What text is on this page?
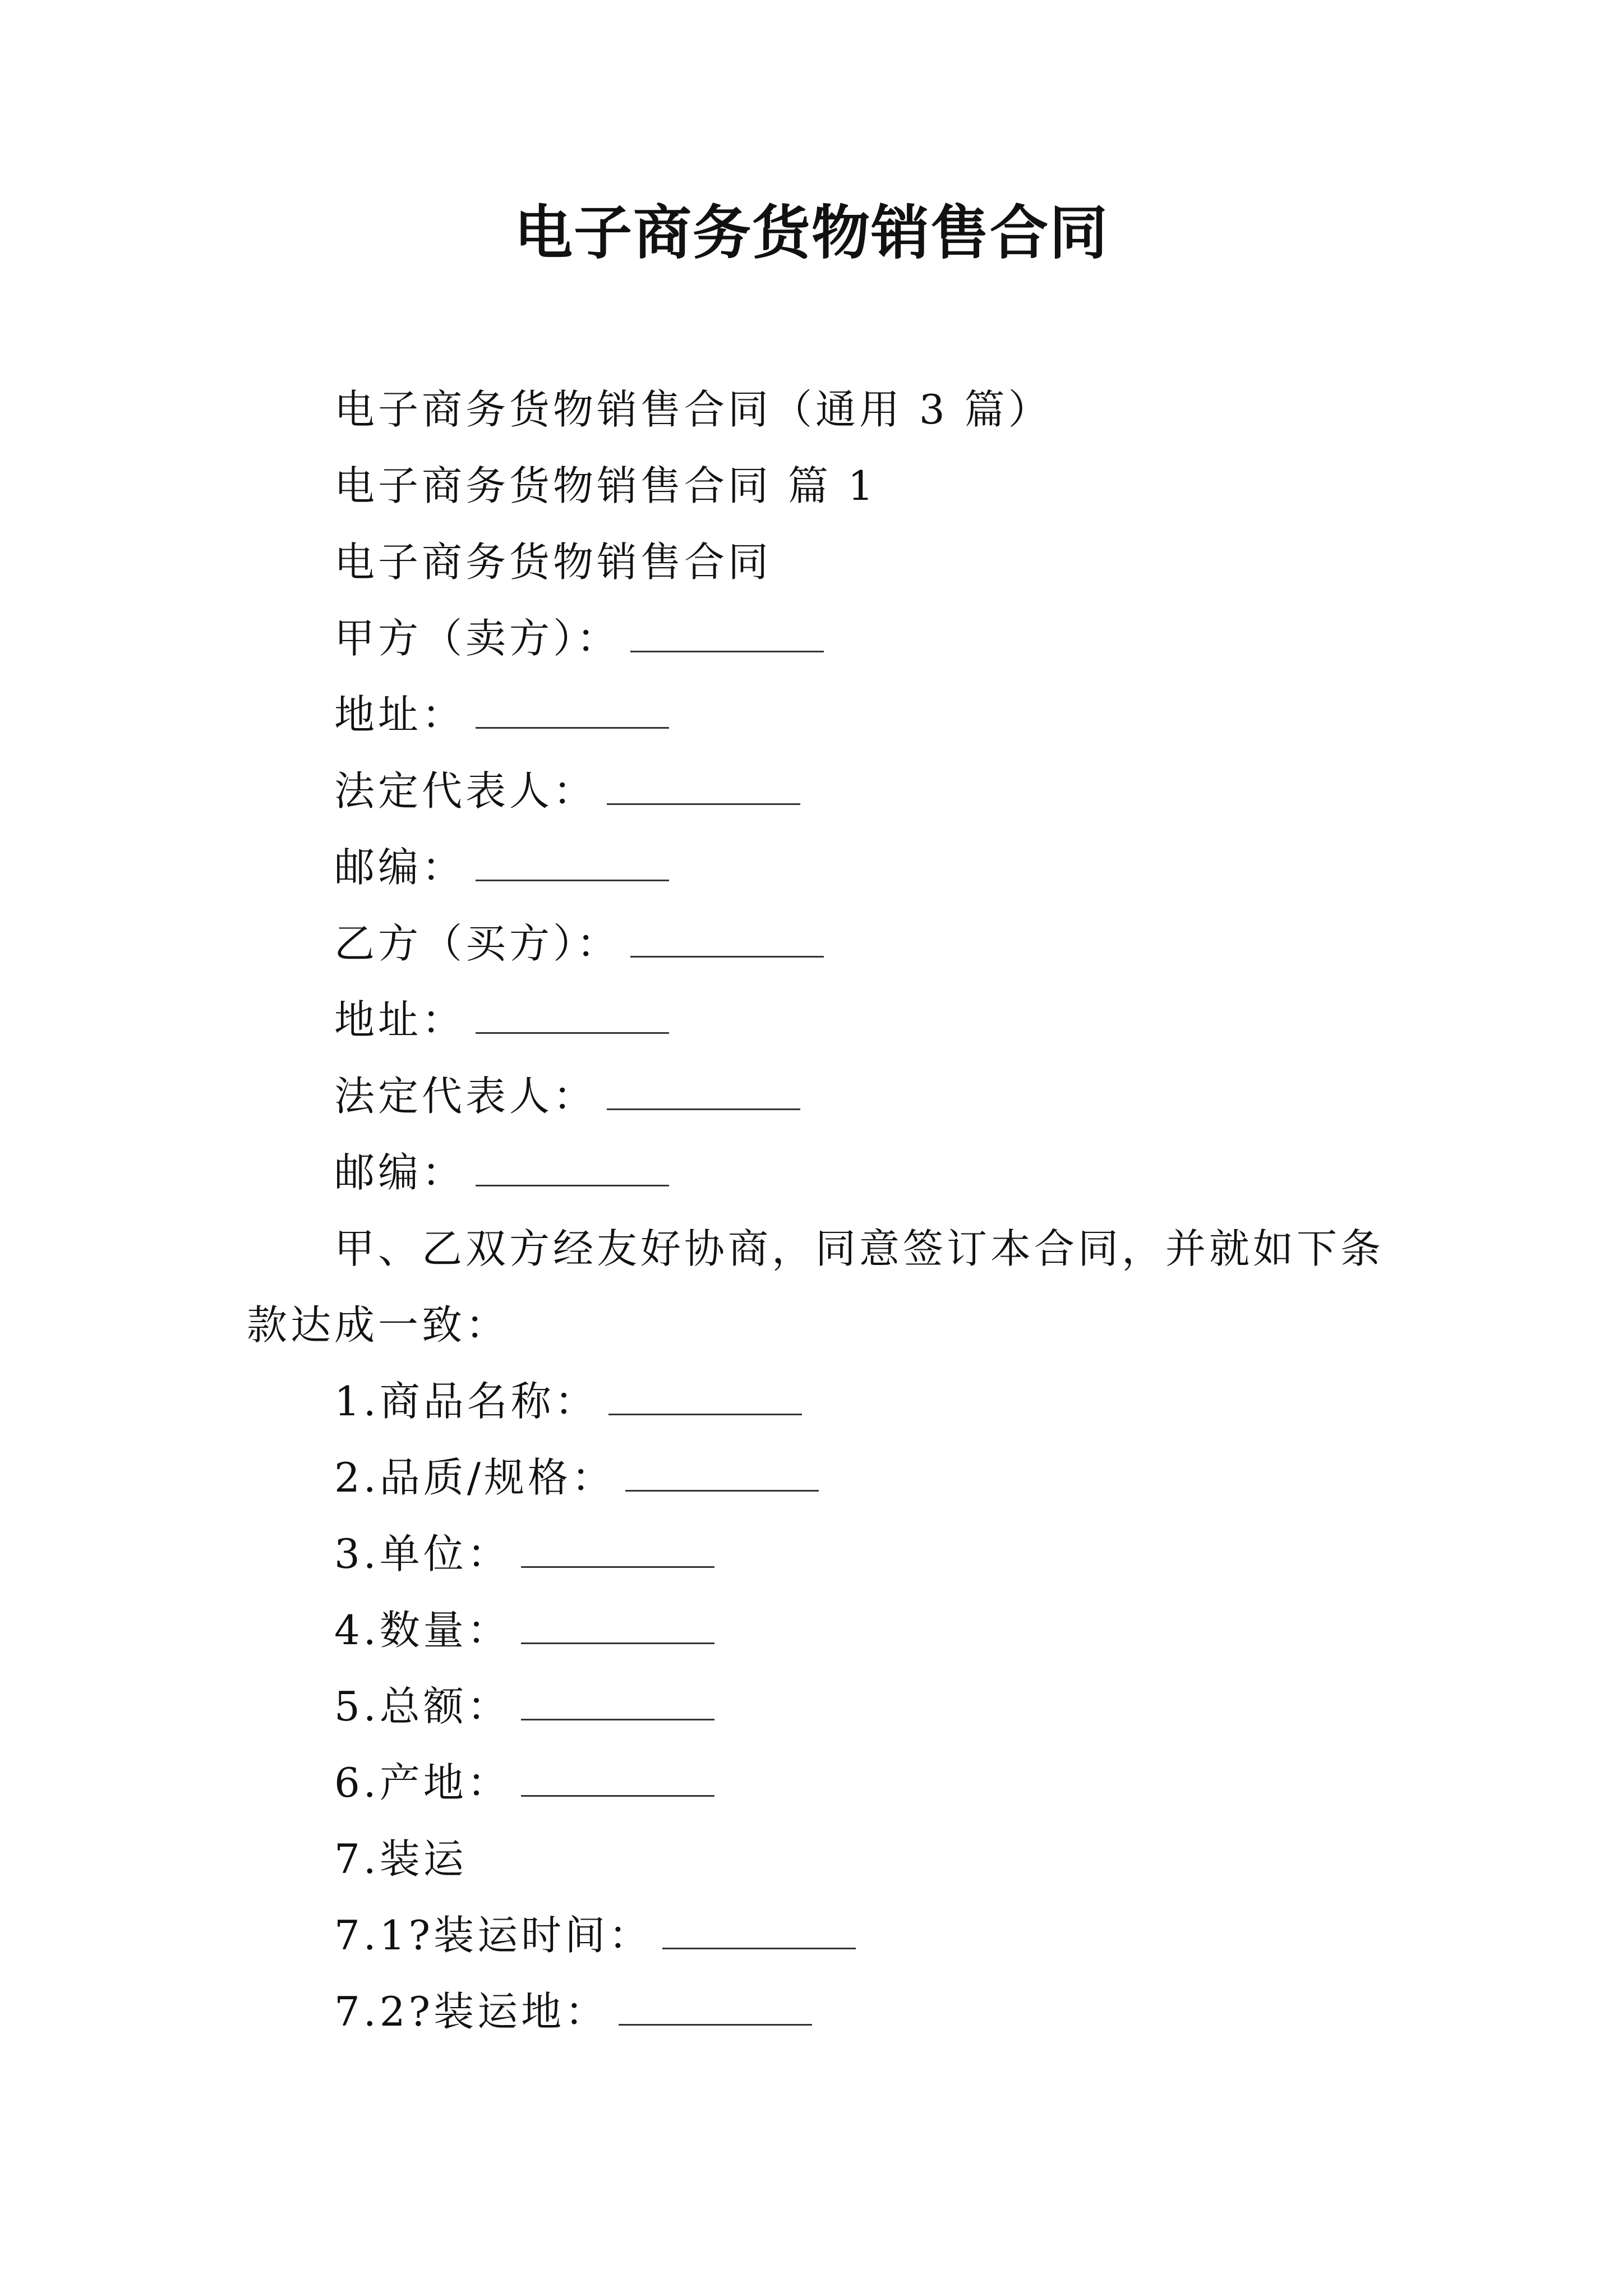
电子商务货物销售合同
电子商务货物销售合同（通用 3 篇）
电子商务货物销售合同 篇 1
电子商务货物销售合同
甲方（卖方）：
地址：
法定代表人：
邮编：
乙方（买方）：
地址：
法定代表人：
邮编：
甲、乙双方经友好协商，同意签订本合同，并就如下条
款达成一致：
1.商品名称：
2.品质/规格：
3.单位：
4.数量：
5.总额：
6.产地：
7.装运
7.1?装运时间：
7.2?装运地：
